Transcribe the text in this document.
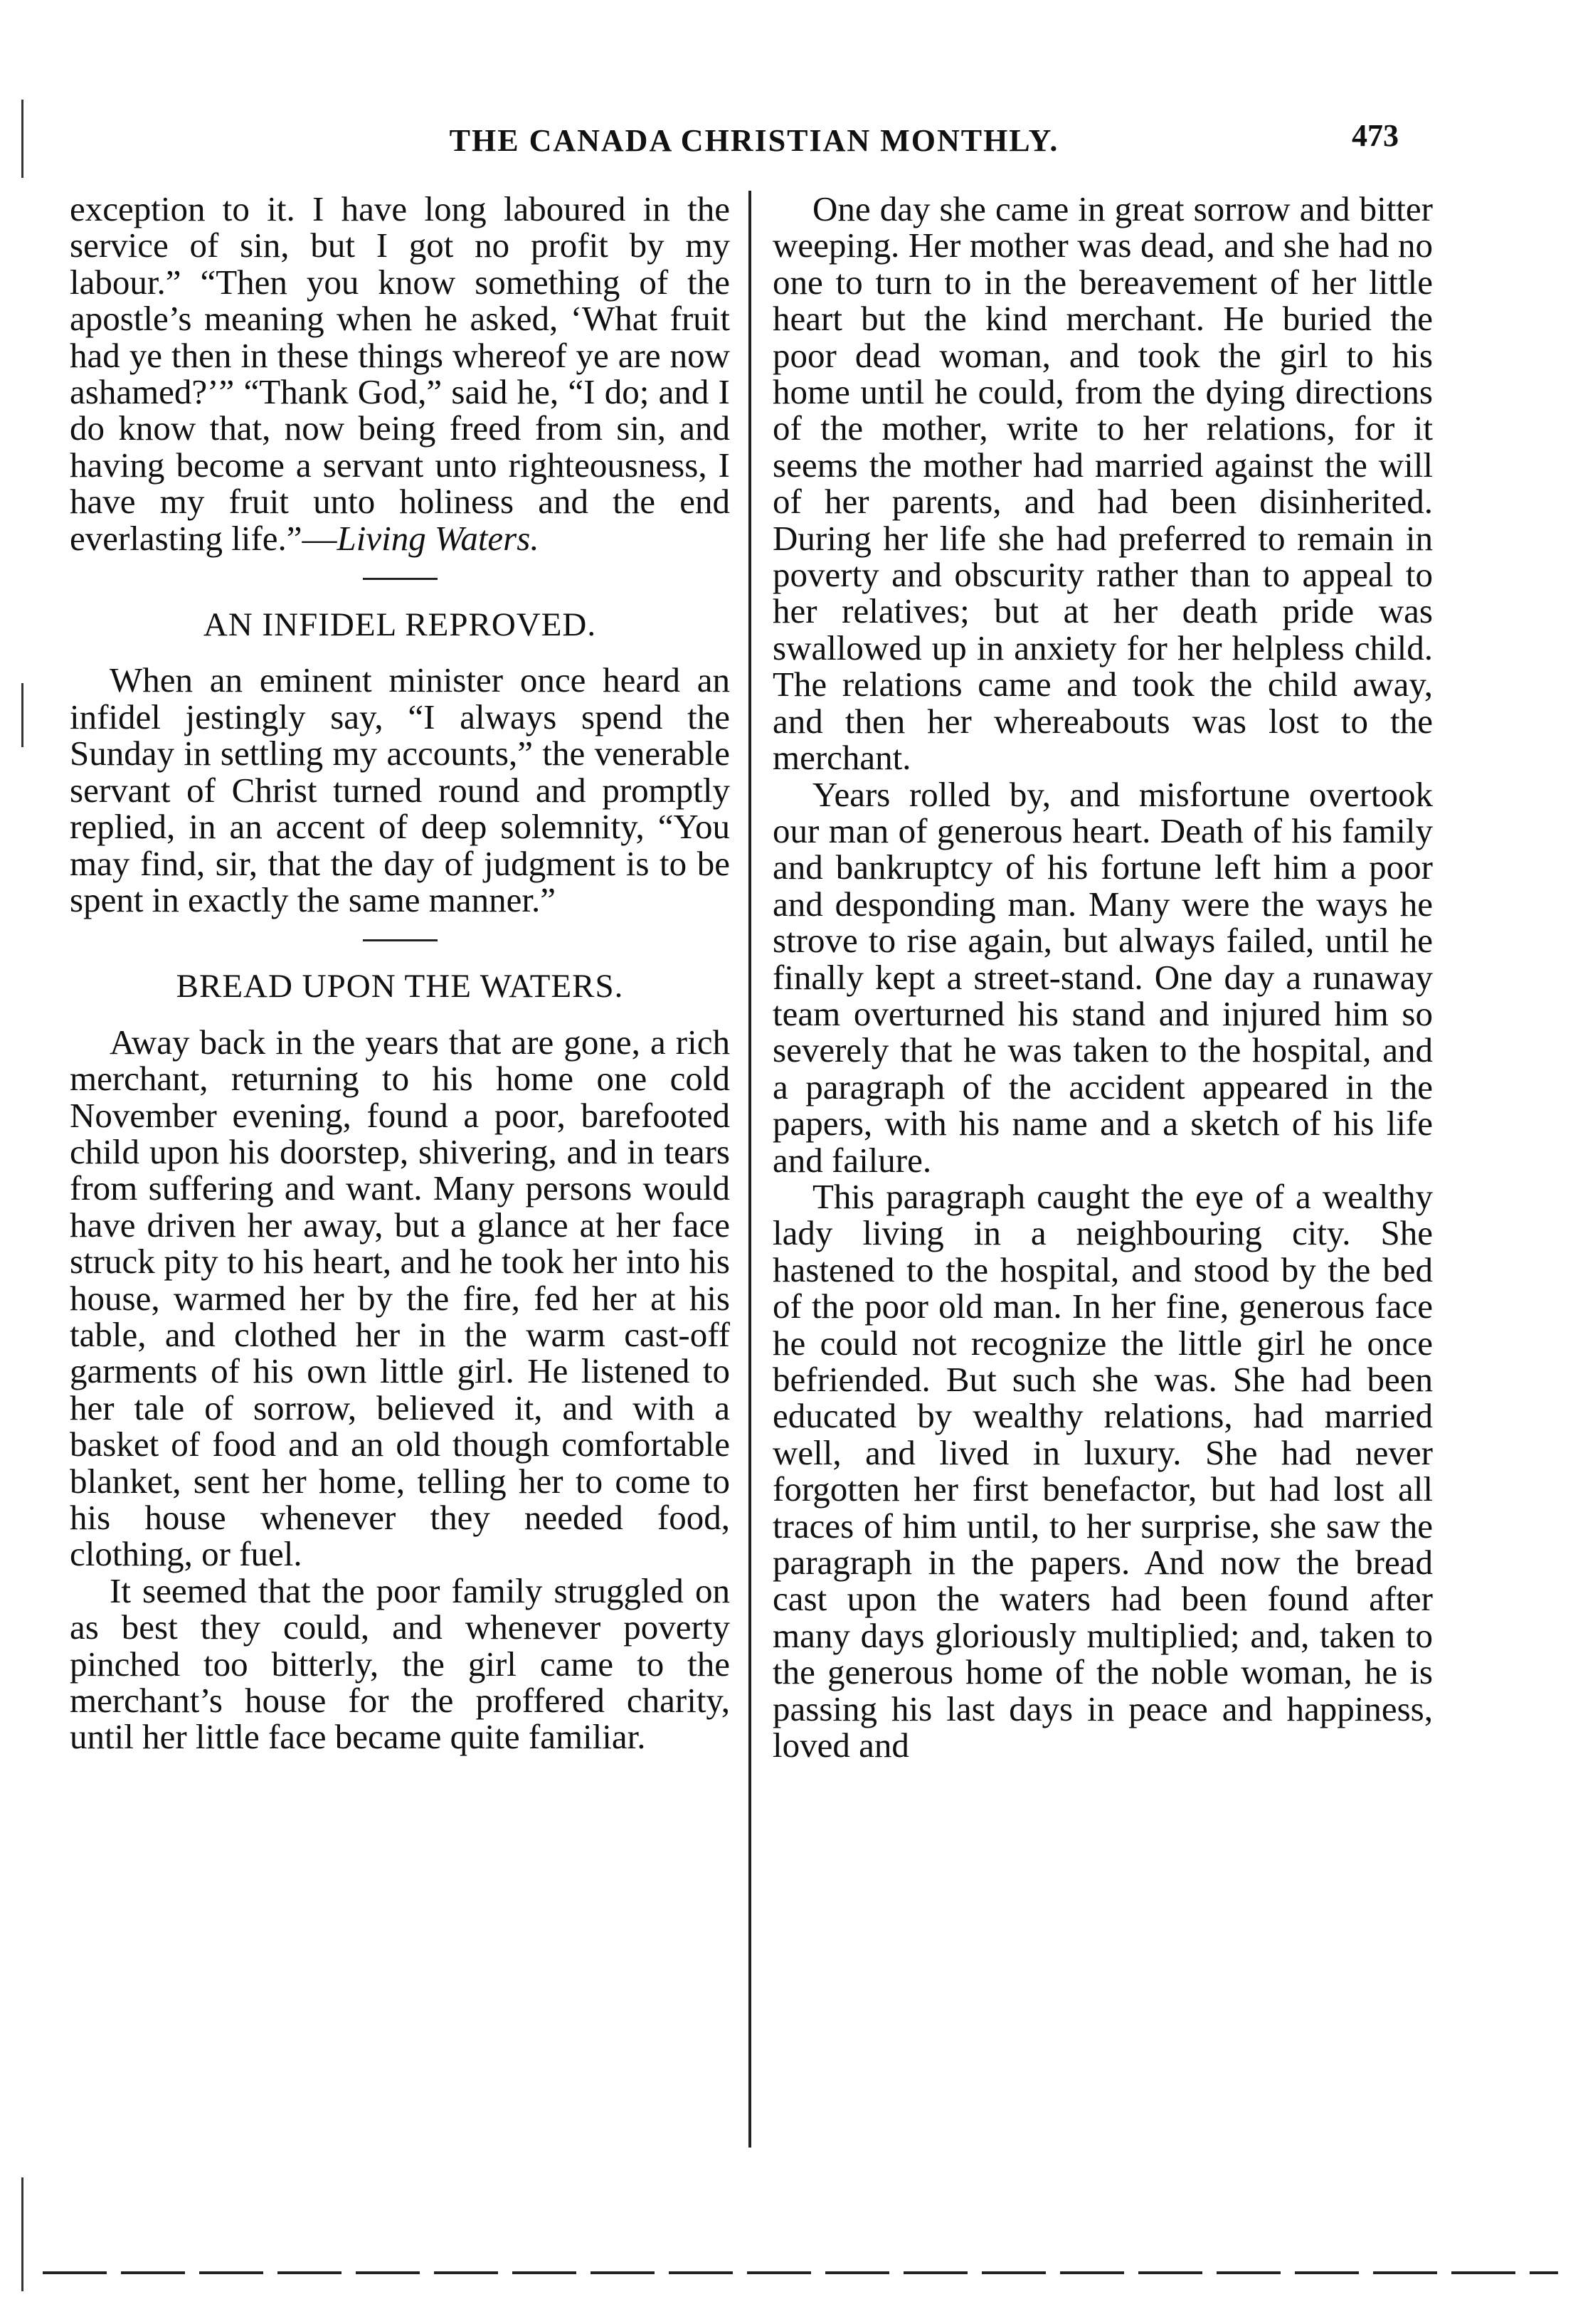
THE CANADA CHRISTIAN MONTHLY.	473

exception to it. I have long laboured in the service of sin, but I got no profit by my labour.” “Then you know something of the apostle’s meaning when he asked, ‘What fruit had ye then in these things whereof ye are now ashamed?’” “Thank God,” said he, “I do; and I do know that, now being freed from sin, and having become a servant unto righteousness, I have my fruit unto holiness and the end everlasting life.”—Living Waters.

AN INFIDEL REPROVED.

When an eminent minister once heard an infidel jestingly say, “I always spend the Sunday in settling my accounts,” the venerable servant of Christ turned round and promptly replied, in an accent of deep solemnity, “You may find, sir, that the day of judgment is to be spent in exactly the same manner.”

BREAD UPON THE WATERS.

Away back in the years that are gone, a rich merchant, returning to his home one cold November evening, found a poor, barefooted child upon his doorstep, shivering, and in tears from suffering and want. Many persons would have driven her away, but a glance at her face struck pity to his heart, and he took her into his house, warmed her by the fire, fed her at his table, and clothed her in the warm cast-off garments of his own little girl. He listened to her tale of sorrow, believed it, and with a basket of food and an old though comfortable blanket, sent her home, telling her to come to his house whenever they needed food, clothing, or fuel.

It seemed that the poor family struggled on as best they could, and whenever poverty pinched too bitterly, the girl came to the merchant’s house for the proffered charity, until her little face became quite familiar.

One day she came in great sorrow and bitter weeping. Her mother was dead, and she had no one to turn to in the bereavement of her little heart but the kind merchant. He buried the poor dead woman, and took the girl to his home until he could, from the dying directions of the mother, write to her relations, for it seems the mother had married against the will of her parents, and had been disinherited. During her life she had preferred to remain in poverty and obscurity rather than to appeal to her relatives; but at her death pride was swallowed up in anxiety for her helpless child. The relations came and took the child away, and then her whereabouts was lost to the merchant.

Years rolled by, and misfortune overtook our man of generous heart. Death of his family and bankruptcy of his fortune left him a poor and desponding man. Many were the ways he strove to rise again, but always failed, until he finally kept a street-stand. One day a runaway team overturned his stand and injured him so severely that he was taken to the hospital, and a paragraph of the accident appeared in the papers, with his name and a sketch of his life and failure.

This paragraph caught the eye of a wealthy lady living in a neighbouring city. She hastened to the hospital, and stood by the bed of the poor old man. In her fine, generous face he could not recognize the little girl he once befriended. But such she was. She had been educated by wealthy relations, had married well, and lived in luxury. She had never forgotten her first benefactor, but had lost all traces of him until, to her surprise, she saw the paragraph in the papers. And now the bread cast upon the waters had been found after many days gloriously multiplied; and, taken to the generous home of the noble woman, he is passing his last days in peace and happiness, loved and
